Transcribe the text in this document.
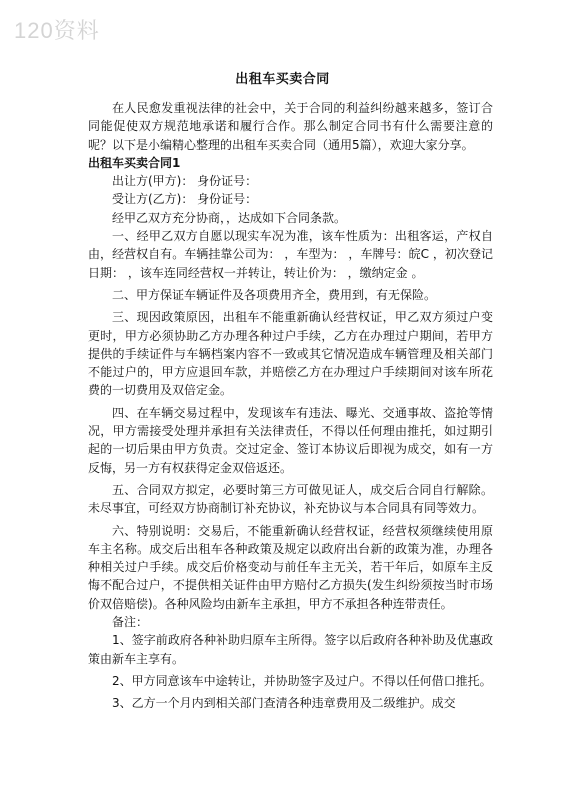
120资料
出租车买卖合同

在人民愈发重视法律的社会中，关于合同的利益纠纷越来越多，签订合同能促使双方规范地承诺和履行合作。那么制定合同书有什么需要注意的呢？以下是小编精心整理的出租车买卖合同（通用5篇），欢迎大家分享。

出租车买卖合同1

出让方(甲方)： 身份证号：

受让方(乙方)： 身份证号：

经甲乙双方充分协商，，达成如下合同条款。

一、经甲乙双方自愿以现实车况为准，该车性质为：出租客运，产权自由，经营权自有。车辆挂靠公司为： ，车型为： ，车牌号：皖C ，初次登记日期： ，该车连同经营权一并转让，转让价为： ，缴纳定金 。

二、甲方保证车辆证件及各项费用齐全，费用到，有无保险。

三、现因政策原因，出租车不能重新确认经营权证，甲乙双方须过户变更时，甲方必须协助乙方办理各种过户手续，乙方在办理过户期间，若甲方提供的手续证件与车辆档案内容不一致或其它情况造成车辆管理及相关部门不能过户的，甲方应退回车款，并赔偿乙方在办理过户手续期间对该车所花费的一切费用及双倍定金。

四、在车辆交易过程中，发现该车有违法、曝光、交通事故、盗抢等情况，甲方需接受处理并承担有关法律责任，不得以任何理由推托，如过期引起的一切后果由甲方负责。交过定金、签订本协议后即视为成交，如有一方反悔，另一方有权获得定金双倍返还。

五、合同双方拟定，必要时第三方可做见证人，成交后合同自行解除。未尽事宜，可经双方协商制订补充协议，补充协议与本合同具有同等效力。

六、特别说明：交易后，不能重新确认经营权证，经营权须继续使用原车主名称。成交后出租车各种政策及规定以政府出台新的政策为准，办理各种相关过户手续。成交后价格变动与前任车主无关，若干年后，如原车主反悔不配合过户，不提供相关证件由甲方赔付乙方损失(发生纠纷须按当时市场价双倍赔偿)。各种风险均由新车主承担，甲方不承担各种连带责任。

备注：

1、签字前政府各种补助归原车主所得。签字以后政府各种补助及优惠政策由新车主享有。

2、甲方同意该车中途转让，并协助签字及过户。不得以任何借口推托。

3、乙方一个月内到相关部门查清各种违章费用及二级维护。成交
